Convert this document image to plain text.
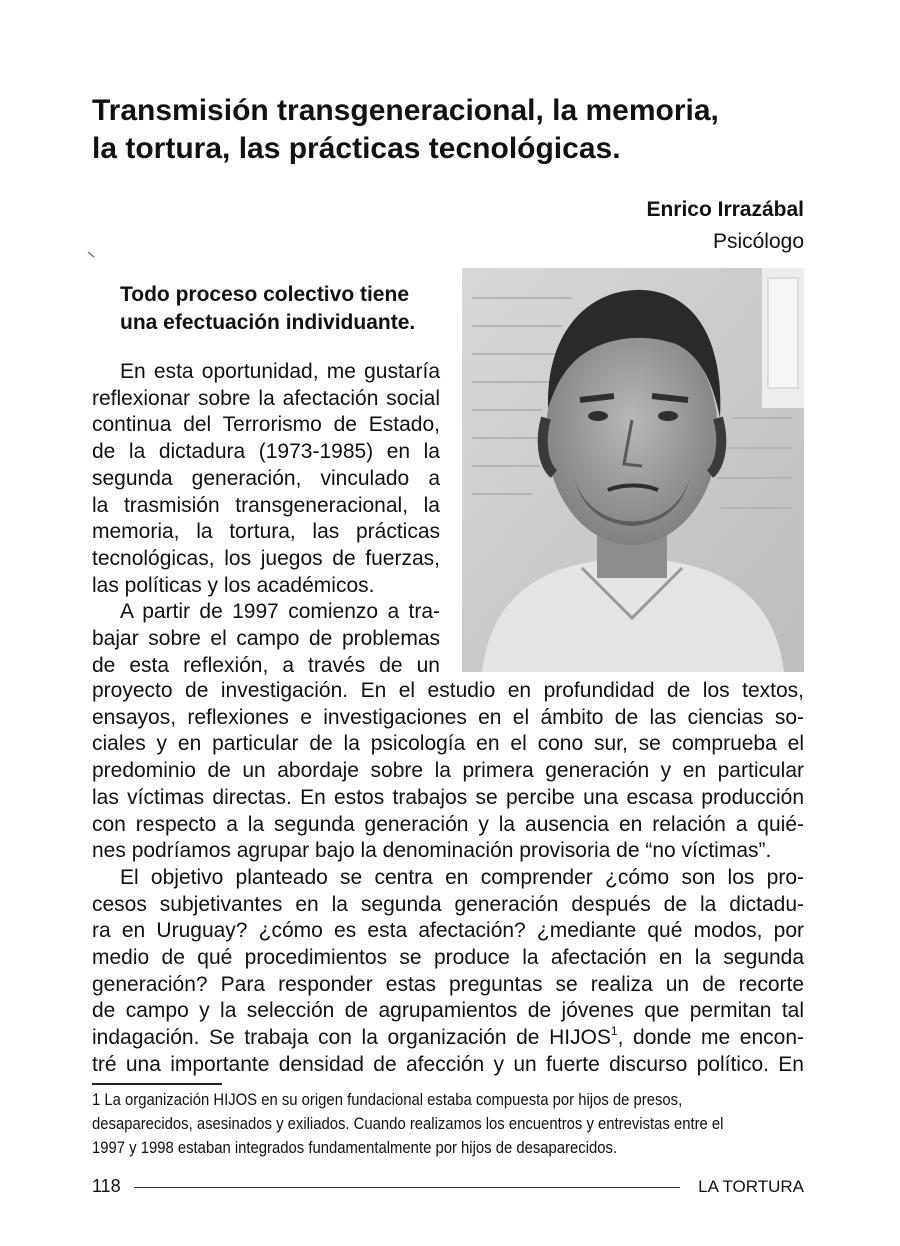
Transmisión transgeneracional, la memoria,
la tortura, las prácticas tecnológicas.
Enrico Irrazábal
Psicólogo

Todo proceso colectivo tiene
una efectuación individuante.

En esta oportunidad, me gustaría
reflexionar sobre la afectación social
continua del Terrorismo de Estado,
de la dictadura (1973-1985) en la
segunda generación, vinculado a
la trasmisión transgeneracional, la
memoria, la tortura, las prácticas
tecnológicas, los juegos de fuerzas,
las políticas y los académicos.
A partir de 1997 comienzo a tra-
bajar sobre el campo de problemas
de esta reflexión, a través de un
proyecto de investigación. En el estudio en profundidad de los textos,
ensayos, reflexiones e investigaciones en el ámbito de las ciencias so-
ciales y en particular de la psicología en el cono sur, se comprueba el
predominio de un abordaje sobre la primera generación y en particular
las víctimas directas. En estos trabajos se percibe una escasa producción
con respecto a la segunda generación y la ausencia en relación a quié-
nes podríamos agrupar bajo la denominación provisoria de “no víctimas”.
El objetivo planteado se centra en comprender ¿cómo son los pro-
cesos subjetivantes en la segunda generación después de la dictadu-
ra en Uruguay? ¿cómo es esta afectación? ¿mediante qué modos, por
medio de qué procedimientos se produce la afectación en la segunda
generación? Para responder estas preguntas se realiza un de recorte
de campo y la selección de agrupamientos de jóvenes que permitan tal
indagación. Se trabaja con la organización de HIJOS$^1$, donde me encon-
tré una importante densidad de afección y un fuerte discurso político. En
1 La organización HIJOS en su origen fundacional estaba compuesta por hijos de presos,
desaparecidos, asesinados y exiliados. Cuando realizamos los encuentros y entrevistas entre el
1997 y 1998 estaban integrados fundamentalmente por hijos de desaparecidos.
118	LA TORTURA
